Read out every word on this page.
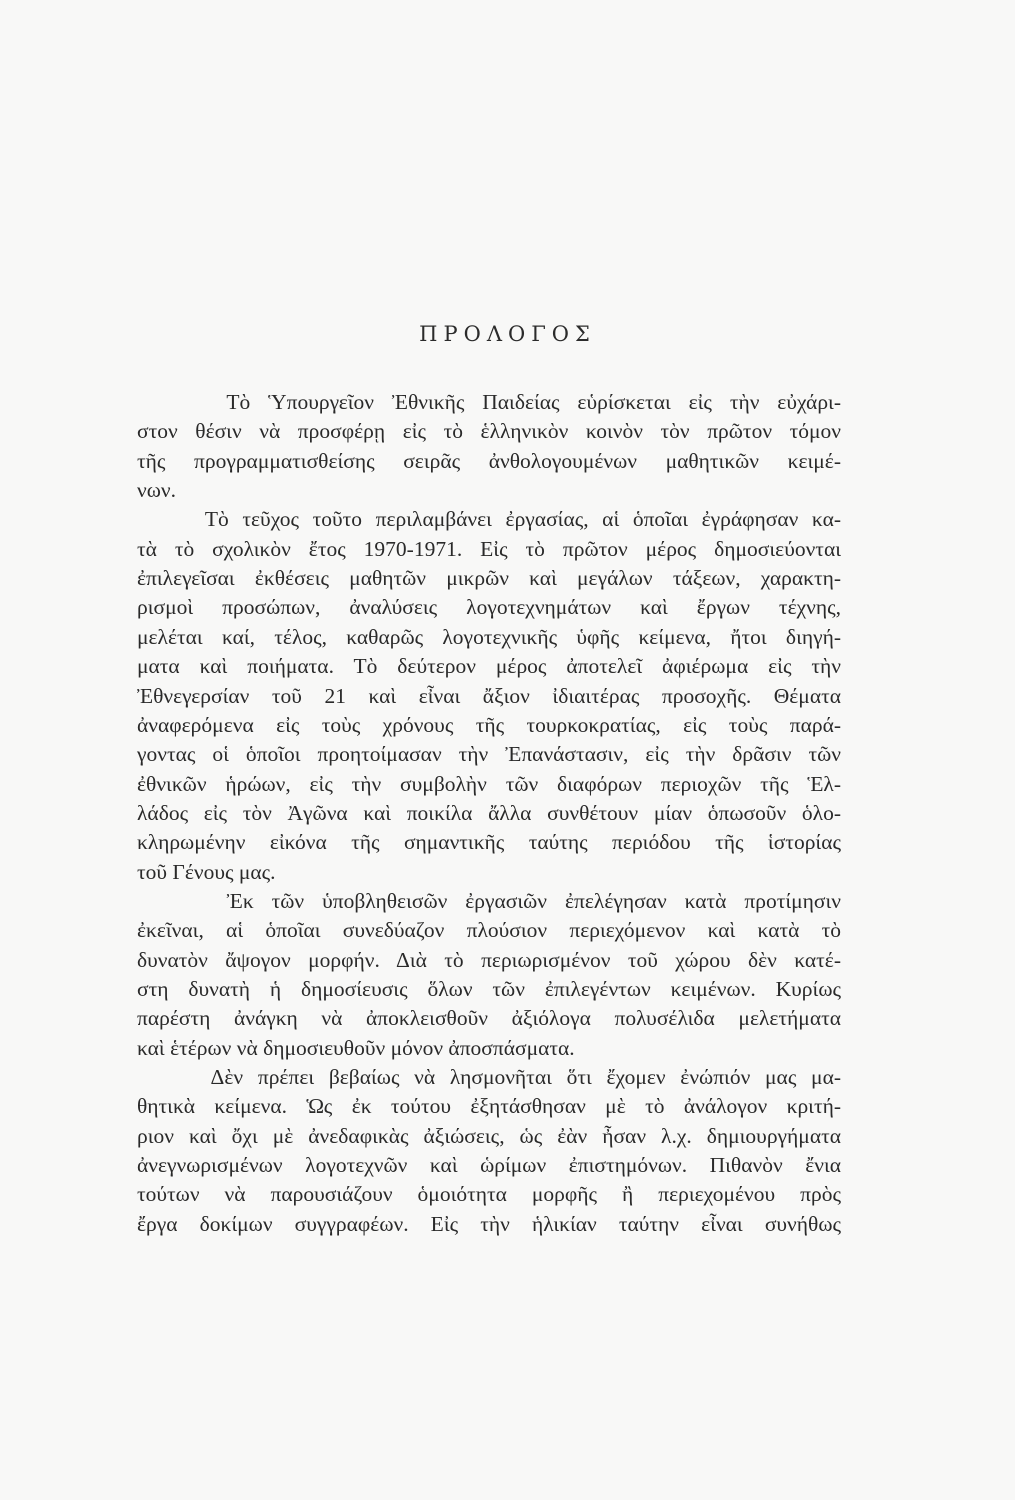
ΠΡΟΛΟΓΟΣ
Τὸ Ὑπουργεῖον Ἐθνικῆς Παιδείας εὑρίσκεται εἰς τὴν εὐχάρι-
στον θέσιν νὰ προσφέρῃ εἰς τὸ ἑλληνικὸν κοινὸν τὸν πρῶτον τόμον
τῆς προγραμματισθείσης σειρᾶς ἀνθολογουμένων μαθητικῶν κειμέ-
νων.
Τὸ τεῦχος τοῦτο περιλαμβάνει ἐργασίας, αἱ ὁποῖαι ἐγράφησαν κα-
τὰ τὸ σχολικὸν ἔτος 1970-1971. Εἰς τὸ πρῶτον μέρος δημοσιεύονται
ἐπιλεγεῖσαι ἐκθέσεις μαθητῶν μικρῶν καὶ μεγάλων τάξεων, χαρακτη-
ρισμοὶ προσώπων, ἀναλύσεις λογοτεχνημάτων καὶ ἔργων τέχνης,
μελέται καί, τέλος, καθαρῶς λογοτεχνικῆς ὑφῆς κείμενα, ἤτοι διηγή-
ματα καὶ ποιήματα. Τὸ δεύτερον μέρος ἀποτελεῖ ἀφιέρωμα εἰς τὴν
Ἐθνεγερσίαν τοῦ 21 καὶ εἶναι ἄξιον ἰδιαιτέρας προσοχῆς. Θέματα
ἀναφερόμενα εἰς τοὺς χρόνους τῆς τουρκοκρατίας, εἰς τοὺς παρά-
γοντας οἱ ὁποῖοι προητοίμασαν τὴν Ἐπανάστασιν, εἰς τὴν δρᾶσιν τῶν
ἐθνικῶν ἡρώων, εἰς τὴν συμβολὴν τῶν διαφόρων περιοχῶν τῆς Ἑλ-
λάδος εἰς τὸν Ἀγῶνα καὶ ποικίλα ἄλλα συνθέτουν μίαν ὁπωσοῦν ὁλο-
κληρωμένην εἰκόνα τῆς σημαντικῆς ταύτης περιόδου τῆς ἱστορίας
τοῦ Γένους μας.
Ἐκ τῶν ὑποβληθεισῶν ἐργασιῶν ἐπελέγησαν κατὰ προτίμησιν
ἐκεῖναι, αἱ ὁποῖαι συνεδύαζον πλούσιον περιεχόμενον καὶ κατὰ τὸ
δυνατὸν ἄψογον μορφήν. Διὰ τὸ περιωρισμένον τοῦ χώρου δὲν κατέ-
στη δυνατὴ ἡ δημοσίευσις ὅλων τῶν ἐπιλεγέντων κειμένων. Κυρίως
παρέστη ἀνάγκη νὰ ἀποκλεισθοῦν ἀξιόλογα πολυσέλιδα μελετήματα
καὶ ἑτέρων νὰ δημοσιευθοῦν μόνον ἀποσπάσματα.
Δὲν πρέπει βεβαίως νὰ λησμονῆται ὅτι ἔχομεν ἐνώπιόν μας μα-
θητικὰ κείμενα. Ὡς ἐκ τούτου ἐξητάσθησαν μὲ τὸ ἀνάλογον κριτή-
ριον καὶ ὄχι μὲ ἀνεδαφικὰς ἀξιώσεις, ὡς ἐὰν ἦσαν λ.χ. δημιουργήματα
ἀνεγνωρισμένων λογοτεχνῶν καὶ ὡρίμων ἐπιστημόνων. Πιθανὸν ἔνια
τούτων νὰ παρουσιάζουν ὁμοιότητα μορφῆς ἢ περιεχομένου πρὸς
ἔργα δοκίμων συγγραφέων. Εἰς τὴν ἡλικίαν ταύτην εἶναι συνήθως
